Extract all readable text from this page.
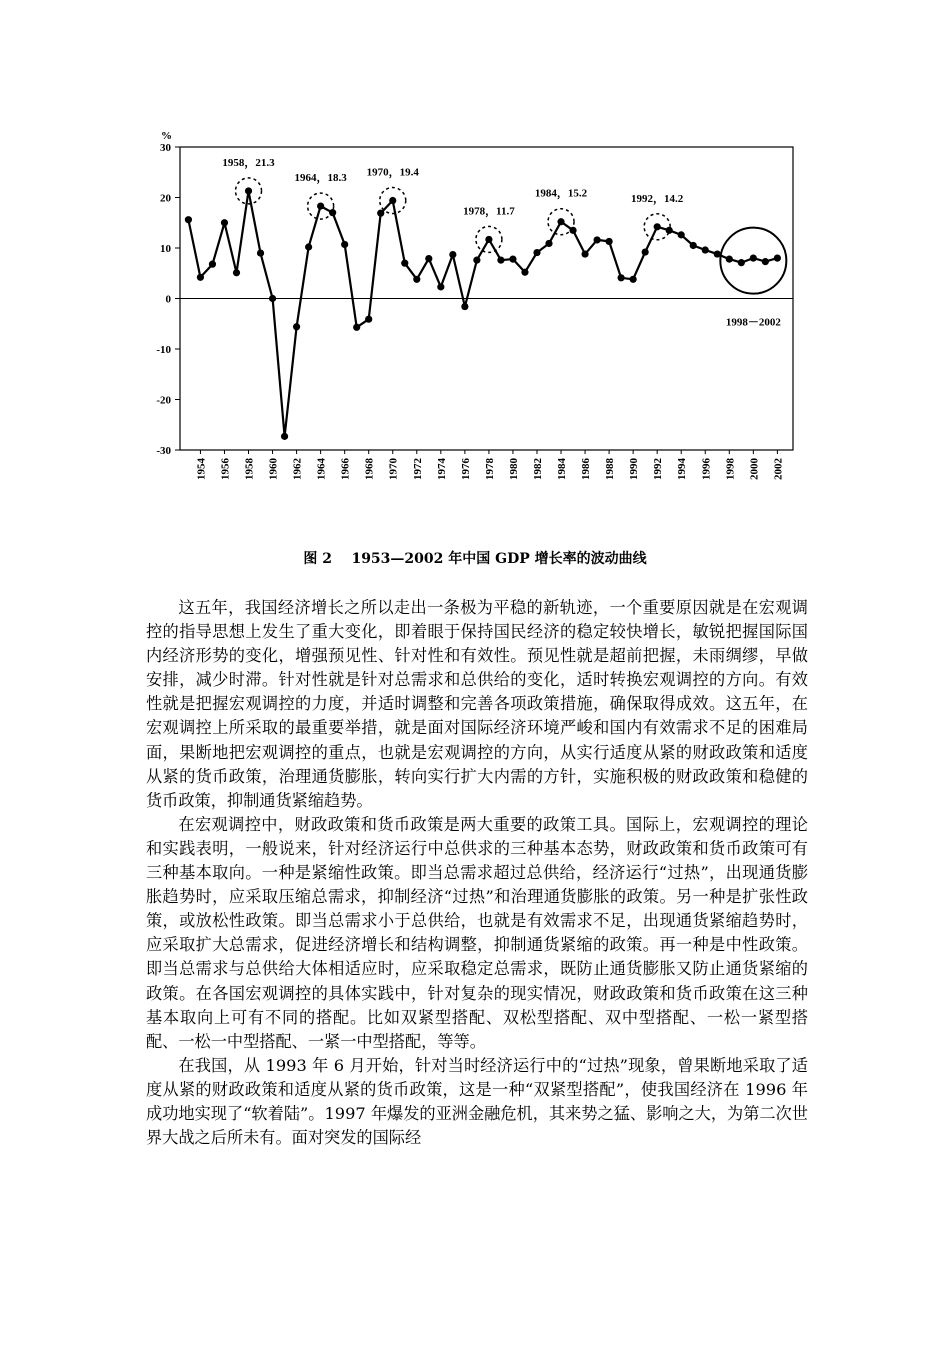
30
20
10
0
-10
-20
-30
%
1954 1956 1958 1960 1962 1964 1966 1968 1970 1972 1974 1976 1978 1980 1982 1984 1986 1988 1990 1992 1994 1996 1998 2000 2002
1958，21.3
1964，18.3 1970，19.4
1978，11.7
1984，15.2	1992，14.2
1998－2002
图 2    1953—2002 年中国 GDP 增长率的波动曲线

这五年，我国经济增长之所以走出一条极为平稳的新轨迹，一个重要原因就是在宏观调控的指导思想上发生了重大变化，即着眼于保持国民经济的稳定较快增长，敏锐把握国际国内经济形势的变化，增强预见性、针对性和有效性。预见性就是超前把握，未雨绸缪，早做安排，减少时滞。针对性就是针对总需求和总供给的变化，适时转换宏观调控的方向。有效性就是把握宏观调控的力度，并适时调整和完善各项政策措施，确保取得成效。这五年，在宏观调控上所采取的最重要举措，就是面对国际经济环境严峻和国内有效需求不足的困难局面，果断地把宏观调控的重点，也就是宏观调控的方向，从实行适度从紧的财政政策和适度从紧的货币政策，治理通货膨胀，转向实行扩大内需的方针，实施积极的财政政策和稳健的货币政策，抑制通货紧缩趋势。

在宏观调控中，财政政策和货币政策是两大重要的政策工具。国际上，宏观调控的理论和实践表明，一般说来，针对经济运行中总供求的三种基本态势，财政政策和货币政策可有三种基本取向。一种是紧缩性政策。即当总需求超过总供给，经济运行“过热”，出现通货膨胀趋势时，应采取压缩总需求，抑制经济“过热”和治理通货膨胀的政策。另一种是扩张性政策，或放松性政策。即当总需求小于总供给，也就是有效需求不足，出现通货紧缩趋势时，应采取扩大总需求，促进经济增长和结构调整，抑制通货紧缩的政策。再一种是中性政策。即当总需求与总供给大体相适应时，应采取稳定总需求，既防止通货膨胀又防止通货紧缩的政策。在各国宏观调控的具体实践中，针对复杂的现实情况，财政政策和货币政策在这三种基本取向上可有不同的搭配。比如双紧型搭配、双松型搭配、双中型搭配、一松一紧型搭配、一松一中型搭配、一紧一中型搭配，等等。

在我国，从 1993 年 6 月开始，针对当时经济运行中的“过热”现象，曾果断地采取了适度从紧的财政政策和适度从紧的货币政策，这是一种“双紧型搭配”，使我国经济在 1996 年成功地实现了“软着陆”。1997 年爆发的亚洲金融危机，其来势之猛、影响之大，为第二次世界大战之后所未有。面对突发的国际经
